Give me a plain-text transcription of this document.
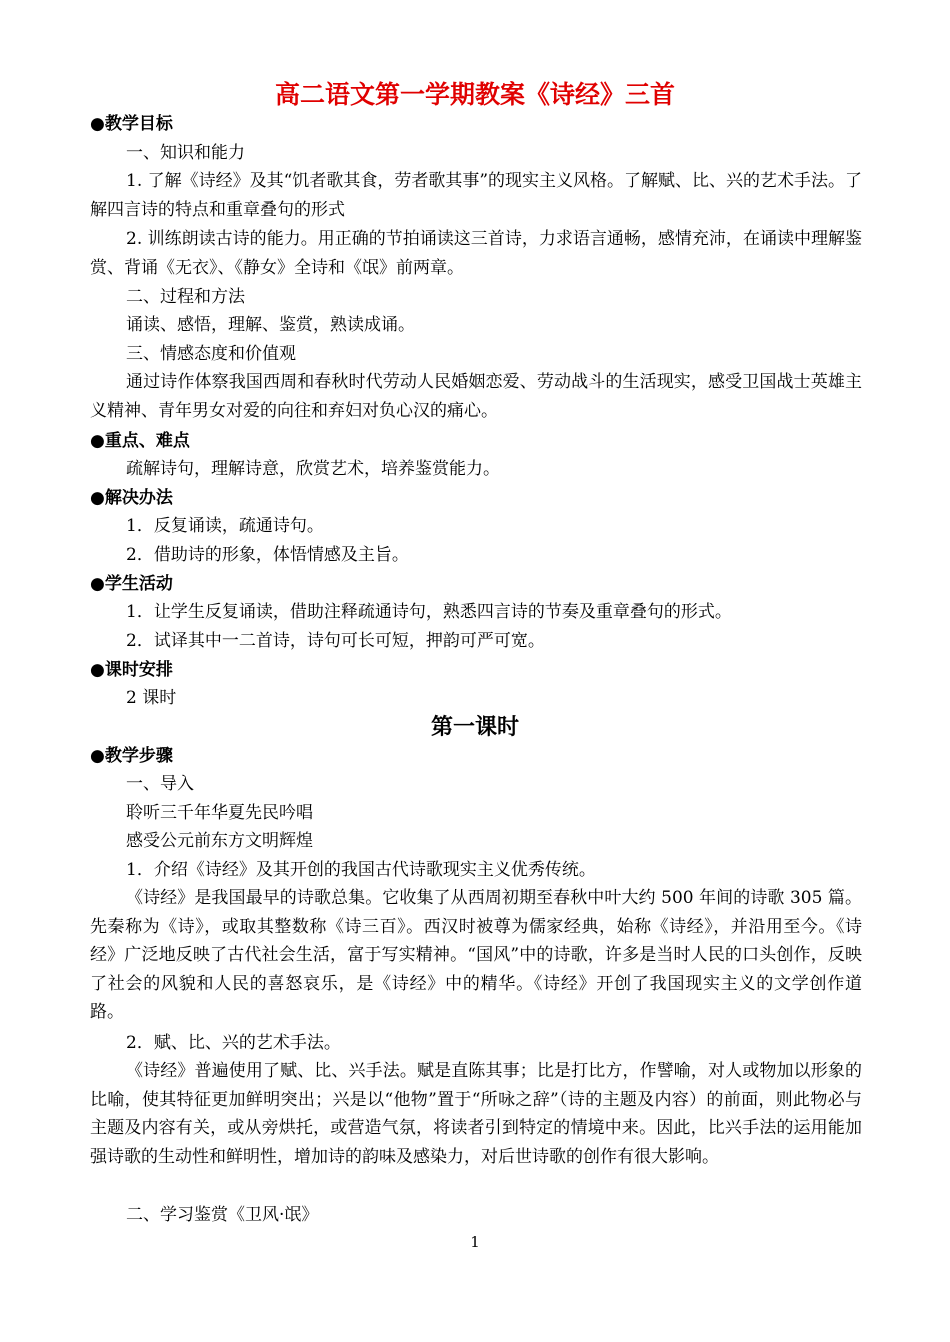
高二语文第一学期教案《诗经》三首
●教学目标

一、知识和能力

1. 了解《诗经》及其“饥者歌其食，劳者歌其事”的现实主义风格。了解赋、比、兴的艺术手法。了解四言诗的特点和重章叠句的形式

2. 训练朗读古诗的能力。用正确的节拍诵读这三首诗，力求语言通畅，感情充沛，在诵读中理解鉴赏、背诵《无衣》、《静女》全诗和《氓》前两章。

二、过程和方法

诵读、感悟，理解、鉴赏，熟读成诵。

三、情感态度和价值观

通过诗作体察我国西周和春秋时代劳动人民婚姻恋爱、劳动战斗的生活现实，感受卫国战士英雄主义精神、青年男女对爱的向往和弃妇对负心汉的痛心。

●重点、难点

疏解诗句，理解诗意，欣赏艺术，培养鉴赏能力。

●解决办法

1．反复诵读，疏通诗句。

2．借助诗的形象，体悟情感及主旨。

●学生活动

1．让学生反复诵读，借助注释疏通诗句，熟悉四言诗的节奏及重章叠句的形式。

2．试译其中一二首诗，诗句可长可短，押韵可严可宽。

●课时安排

2 课时

第一课时
●教学步骤

一、导入

聆听三千年华夏先民吟唱

感受公元前东方文明辉煌

1．介绍《诗经》及其开创的我国古代诗歌现实主义优秀传统。

《诗经》是我国最早的诗歌总集。它收集了从西周初期至春秋中叶大约 500 年间的诗歌 305 篇。先秦称为《诗》，或取其整数称《诗三百》。西汉时被尊为儒家经典，始称《诗经》，并沿用至今。《诗经》广泛地反映了古代社会生活，富于写实精神。“国风”中的诗歌，许多是当时人民的口头创作，反映了社会的风貌和人民的喜怒哀乐，是《诗经》中的精华。《诗经》开创了我国现实主义的文学创作道路。

2．赋、比、兴的艺术手法。

《诗经》普遍使用了赋、比、兴手法。赋是直陈其事；比是打比方，作譬喻，对人或物加以形象的比喻，使其特征更加鲜明突出；兴是以“他物”置于“所咏之辞”（诗的主题及内容）的前面，则此物必与主题及内容有关，或从旁烘托，或营造气氛，将读者引到特定的情境中来。因此，比兴手法的运用能加强诗歌的生动性和鲜明性，增加诗的韵味及感染力，对后世诗歌的创作有很大影响。

二、学习鉴赏《卫风·氓》

1
